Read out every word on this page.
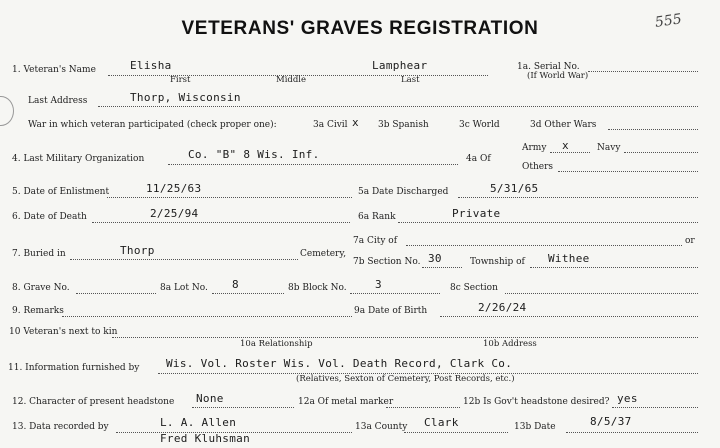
VETERANS' GRAVES REGISTRATION	555
1. Veteran's Name	Elisha	Lamphear
First	Middle	Last
1a. Serial No.
(If World War)
Last Address	Thorp, Wisconsin
War in which veteran participated (check proper one):	3a Civil x 3b Spanish	3c World	3d Other Wars
4. Last Military Organization	Co. "B" 8 Wis. Inf.	4a Of
Army x	Navy
Others
5. Date of Enlistment	11/25/63	5a Date Discharged	5/31/65
6. Date of Death	2/25/94	6a Rank	Private
7. Buried in	Thorp	Cemetery,
7a City of	or
7b Section No. 30	Township of Withee
8. Grave No.	8a Lot No. 8	8b Block No.	3	8c Section
9. Remarks	9a Date of Birth	2/26/24
10 Veteran's next to kin
10a Relationship	10b Address
11. Information furnished by Wis. Vol. Roster Wis. Vol. Death Record, Clark Co.
(Relatives, Sexton of Cemetery, Post Records, etc.)
12. Character of present headstone None	12a Of metal marker	12b Is Gov't headstone desired? yes
13. Data recorded by	L. A. Allen
Fred Kluhsman
13a County Clark	13b Date	8/5/37
